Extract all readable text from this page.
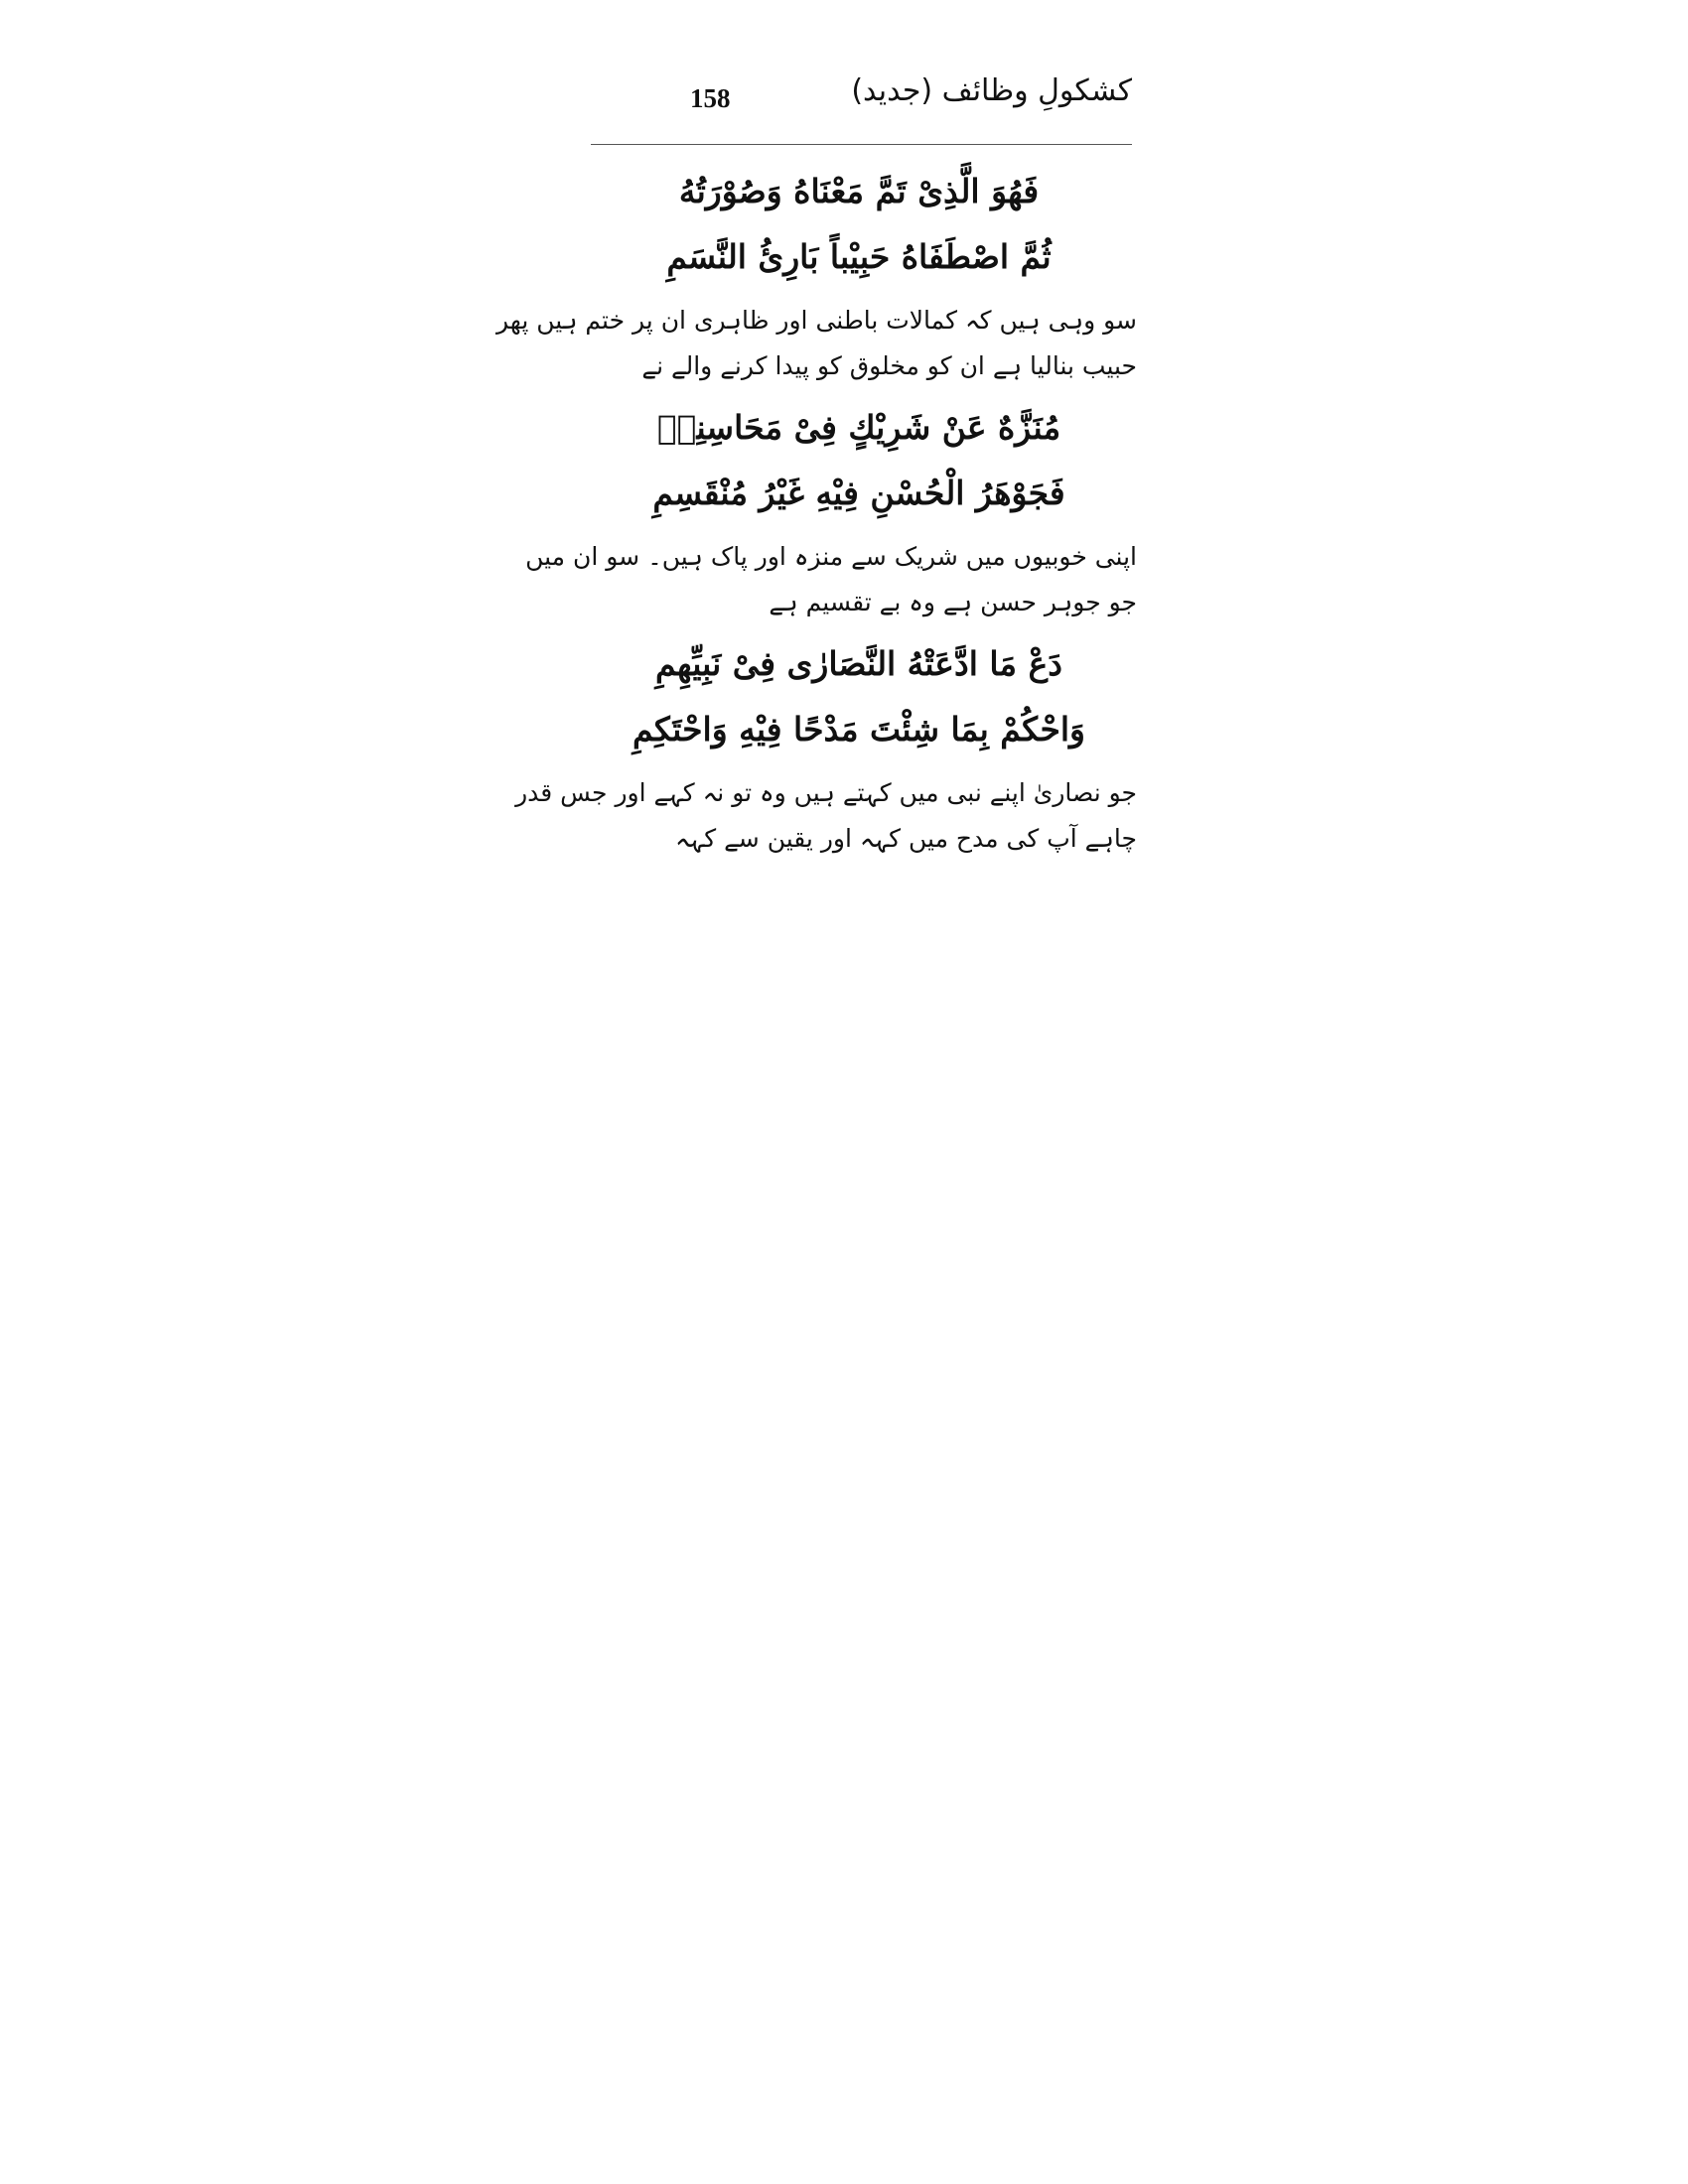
158	کشکولِ وظائف (جدید)
فَهُوَ الَّذِىْ تَمَّ مَعْنَاهُ وَصُوْرَتُهُ
ثُمَّ اصْطَفَاهُ حَبِيْباً بَارِئُ النَّسَمِ
سو وہی ہیں کہ کمالات باطنی اور ظاہری ان پر ختم ہیں پھر
حبیب بنالیا ہے ان کو مخلوق کو پیدا کرنے والے نے
مُنَزَّهٌ عَنْ شَرِيْكٍ فِىْ مَحَاسِنِهٖ
فَجَوْهَرُ الْحُسْنِ فِيْهِ غَيْرُ مُنْقَسِمِ
اپنی خوبیوں میں شریک سے منزہ اور پاک ہیں۔ سو ان میں
جو جوہر حسن ہے وہ بے تقسیم ہے
دَعْ مَا ادَّعَتْهُ النَّصَارٰى فِىْ نَبِيِّهِمِ
وَاحْكُمْ بِمَا شِئْتَ مَدْحًا فِيْهِ وَاحْتَكِمِ
جو نصاریٰ اپنے نبی میں کہتے ہیں وہ تو نہ کہے اور جس قدر
چاہے آپ کی مدح میں کہہ اور یقین سے کہہ
